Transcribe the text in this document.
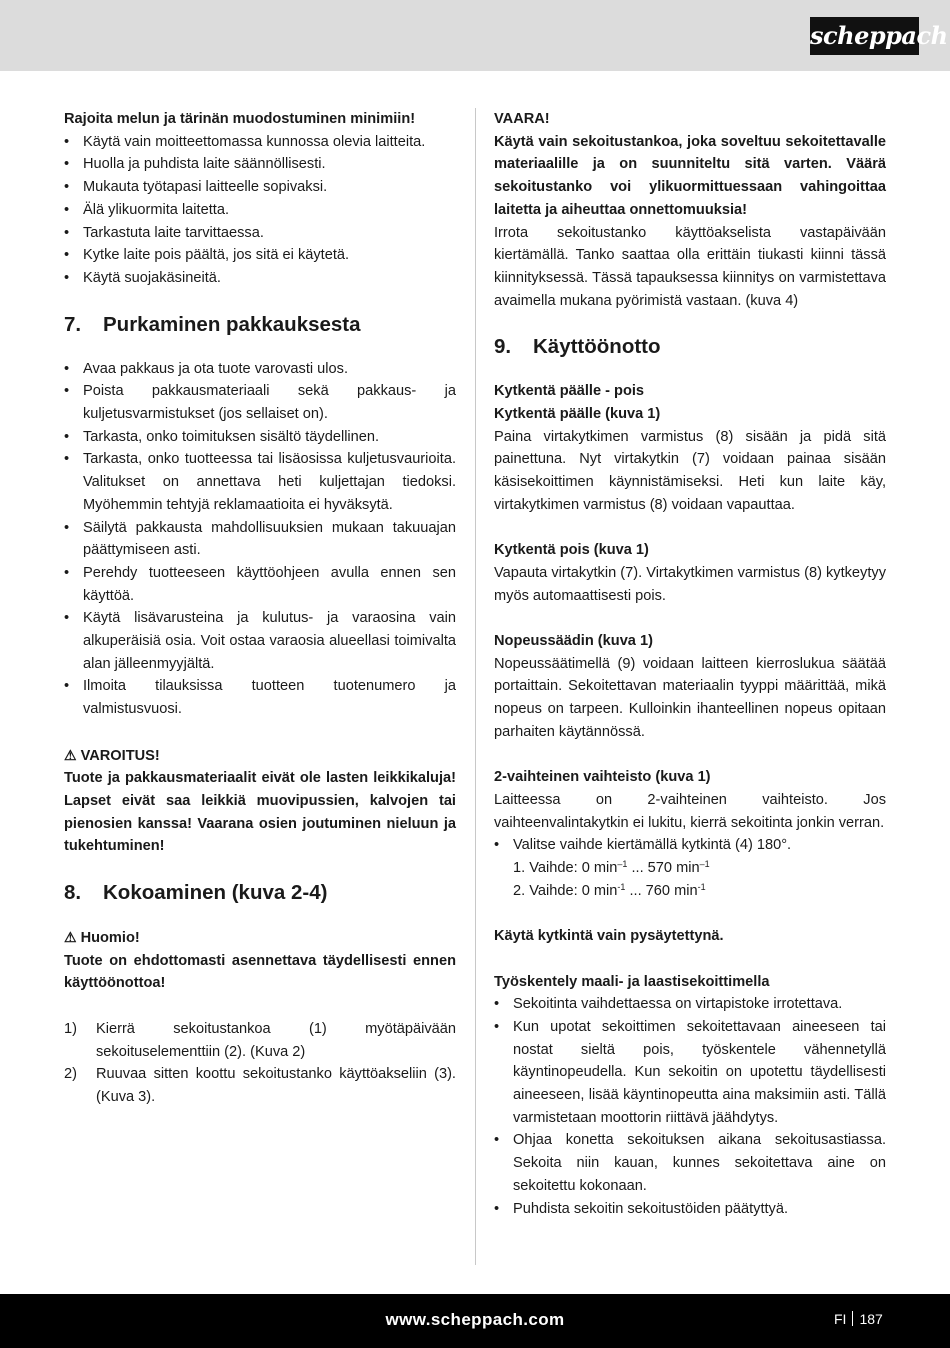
scheppach

Rajoita melun ja tärinän muodostuminen minimiin!

• Käytä vain moitteettomassa kunnossa olevia laitteita.
• Huolla ja puhdista laite säännöllisesti.
• Mukauta työtapasi laitteelle sopivaksi.
• Älä ylikuormita laitetta.
• Tarkastuta laite tarvittaessa.
• Kytke laite pois päältä, jos sitä ei käytetä.
• Käytä suojakäsineitä.
7. Purkaminen pakkauksesta
• Avaa pakkaus ja ota tuote varovasti ulos.
• Poista pakkausmateriaali sekä pakkaus- ja kuljetusvarmistukset (jos sellaiset on).
• Tarkasta, onko toimituksen sisältö täydellinen.
• Tarkasta, onko tuotteessa tai lisäosissa kuljetusvaurioita. Valitukset on annettava heti kuljettajan tiedoksi. Myöhemmin tehtyjä reklamaatioita ei hyväksytä.
• Säilytä pakkausta mahdollisuuksien mukaan takuuajan päättymiseen asti.
• Perehdy tuotteeseen käyttöohjeen avulla ennen sen käyttöä.
• Käytä lisävarusteina ja kulutus- ja varaosina vain alkuperäisiä osia. Voit ostaa varaosia alueellasi toimivalta alan jälleenmyyjältä.
• Ilmoita tilauksissa tuotteen tuotenumero ja valmistusvuosi.

⚠ VAROITUS!

Tuote ja pakkausmateriaalit eivät ole lasten leikkikaluja! Lapset eivät saa leikkiä muovipussien, kalvojen tai pienosien kanssa! Vaarana osien joutuminen nieluun ja tukehtuminen!

8. Kokoaminen (kuva 2-4)

⚠ Huomio!

Tuote on ehdottomasti asennettava täydellisesti ennen käyttöönottoa!

1) Kierrä sekoitustankoa (1) myötäpäivään sekoituselementtiin (2). (Kuva 2)
2) Ruuvaa sitten koottu sekoitustanko käyttöakseliin (3). (Kuva 3).

VAARA!

Käytä vain sekoitustankoa, joka soveltuu sekoitettavalle materiaalille ja on suunniteltu sitä varten. Väärä sekoitustanko voi ylikuormittuessaan vahingoittaa laitetta ja aiheuttaa onnettomuuksia!

Irrota sekoitustanko käyttöakselista vastapäivään kiertämällä. Tanko saattaa olla erittäin tiukasti kiinni tässä kiinnityksessä. Tässä tapauksessa kiinnitys on varmistettava avaimella mukana pyörimistä vastaan. (kuva 4)

9. Käyttöönotto

Kytkentä päälle - pois

Kytkentä päälle (kuva 1)

Paina virtakytkimen varmistus (8) sisään ja pidä sitä painettuna. Nyt virtakytkin (7) voidaan painaa sisään käsisekoittimen käynnistämiseksi. Heti kun laite käy, virtakytkimen varmistus (8) voidaan vapauttaa.

Kytkentä pois (kuva 1)

Vapauta virtakytkin (7). Virtakytkimen varmistus (8) kytkeytyy myös automaattisesti pois.

Nopeussäädin (kuva 1)

Nopeussäätimellä (9) voidaan laitteen kierroslukua säätää portaittain. Sekoitettavan materiaalin tyyppi määrittää, mikä nopeus on tarpeen. Kulloinkin ihanteellinen nopeus opitaan parhaiten käytännössä.

2-vaihteinen vaihteisto (kuva 1)

Laitteessa on 2-vaihteinen vaihteisto. Jos vaihteenvalintakytkin ei lukitu, kierrä sekoitinta jonkin verran.

• Valitse vaihde kiertämällä kytkintä (4) 180°.

1. Vaihde: 0 $\min^{-1}$ ... 570 $\min^{-1}$

2. Vaihde: 0 $\min^{-1}$ ... 760 $\min^{-1}$

Käytä kytkintä vain pysäytettynä.

Työskentely maali- ja laastisekoittimella

• Sekoitinta vaihdettaessa on virtapistoke irrotettava.
• Kun upotat sekoittimen sekoitettavaan aineeseen tai nostat sieltä pois, työskentele vähennetyllä käyntinopeudella. Kun sekoitin on upotettu täydellisesti aineeseen, lisää käyntinopeutta aina maksimiin asti. Tällä varmistetaan moottorin riittävä jäähdytys.
• Ohjaa konetta sekoituksen aikana sekoitusastiassa. Sekoita niin kauan, kunnes sekoitettava aine on sekoitettu kokonaan.
• Puhdista sekoitin sekoitustöiden päätyttyä.
www.scheppach.com	FI 187
